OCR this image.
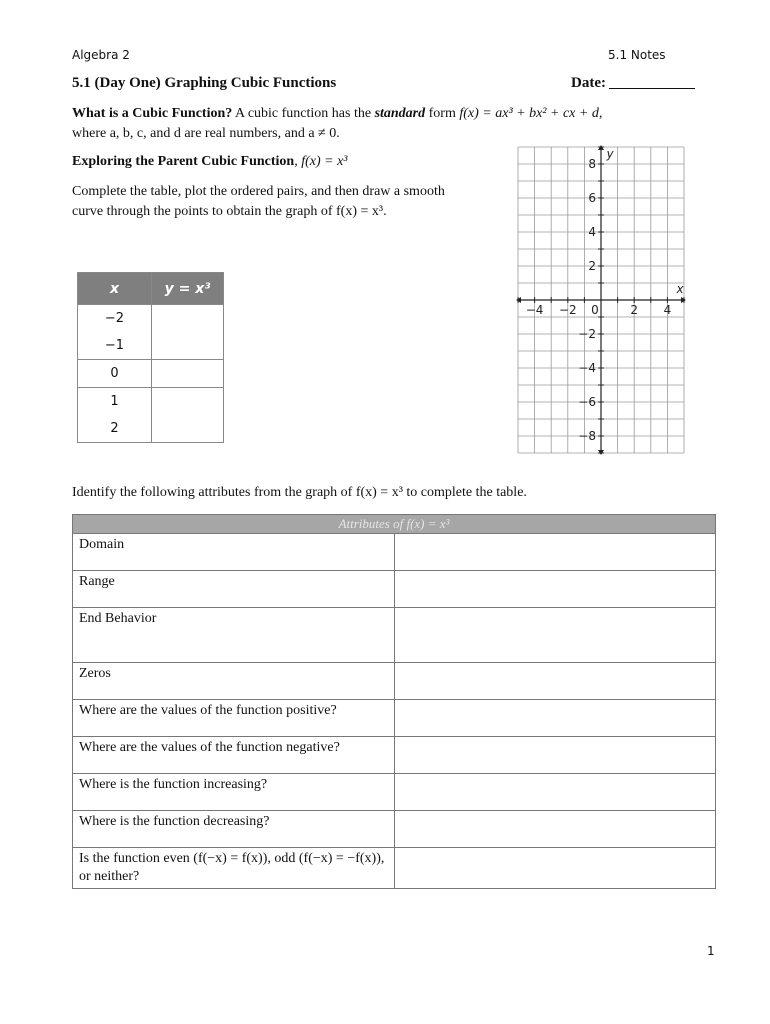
Algebra 2	5.1 Notes
5.1 (Day One) Graphing Cubic Functions	Date:
What is a Cubic Function? A cubic function has the standard form f(x) = ax³ + bx² + cx + d,
where a, b, c, and d are real numbers, and a ≠ 0.
Exploring the Parent Cubic Function, f(x) = x³
Complete the table, plot the ordered pairs, and then draw a smooth curve through the points to obtain the graph of f(x) = x³.
x	y = x³

−2
−1	

0	

1
2	

−4 −2 0	2 4
8
6
4
2
−2
−4
−6
−8
x
y
Identify the following attributes from the graph of f(x) = x³ to complete the table.
Attributes of f(x) = x³	
Domain	
Range	
End Behavior	
Zeros	
Where are the values of the function positive?	
Where are the values of the function negative?	
Where is the function increasing?	
Where is the function decreasing?	
Is the function even (f(−x) = f(x)), odd (f(−x) = −f(x)), or neither?	
1
